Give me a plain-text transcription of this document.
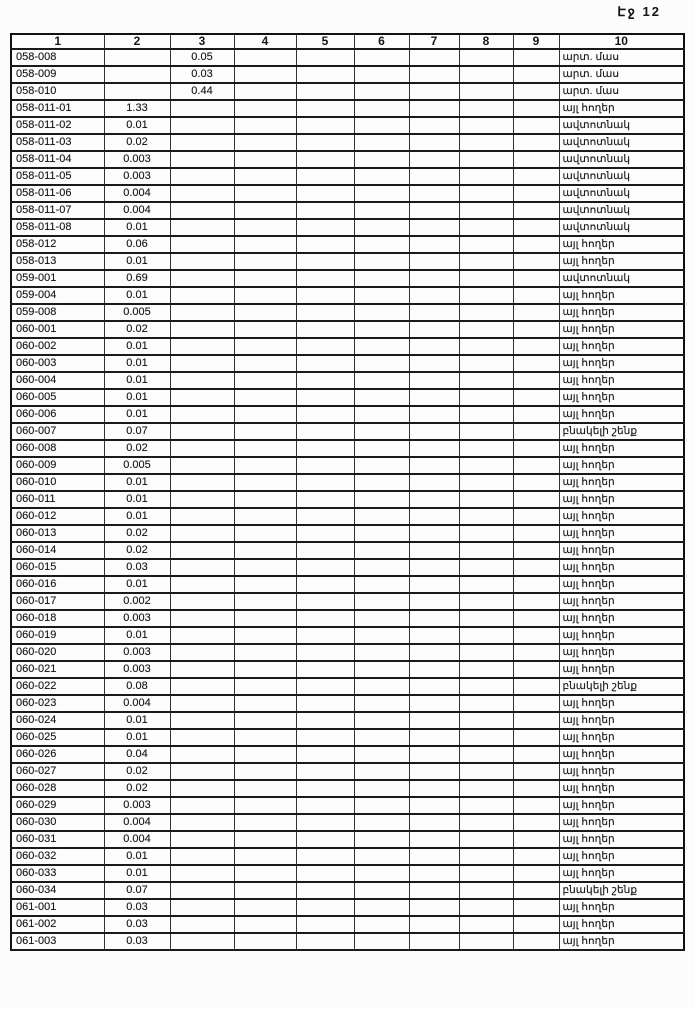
Էջ 12
1	2	3	4	5	6	7	8	9	10
058-008		0.05							արտ. մաս
058-009		0.03							արտ. մաս
058-010		0.44							արտ. մաս
058-011-01	1.33								այլ հողեր
058-011-02	0.01								ավտոտնակ
058-011-03	0.02								ավտոտնակ
058-011-04	0.003								ավտոտնակ
058-011-05	0.003								ավտոտնակ
058-011-06	0.004								ավտոտնակ
058-011-07	0.004								ավտոտնակ
058-011-08	0.01								ավտոտնակ
058-012	0.06								այլ հողեր
058-013	0.01								այլ հողեր
059-001	0.69								ավտոտնակ
059-004	0.01								այլ հողեր
059-008	0.005								այլ հողեր
060-001	0.02								այլ հողեր
060-002	0.01								այլ հողեր
060-003	0.01								այլ հողեր
060-004	0.01								այլ հողեր
060-005	0.01								այլ հողեր
060-006	0.01								այլ հողեր
060-007	0.07								բնակելի շենք
060-008	0.02								այլ հողեր
060-009	0.005								այլ հողեր
060-010	0.01								այլ հողեր
060-011	0.01								այլ հողեր
060-012	0.01								այլ հողեր
060-013	0.02								այլ հողեր
060-014	0.02								այլ հողեր
060-015	0.03								այլ հողեր
060-016	0.01								այլ հողեր
060-017	0.002								այլ հողեր
060-018	0.003								այլ հողեր
060-019	0.01								այլ հողեր
060-020	0.003								այլ հողեր
060-021	0.003								այլ հողեր
060-022	0.08								բնակելի շենք
060-023	0.004								այլ հողեր
060-024	0.01								այլ հողեր
060-025	0.01								այլ հողեր
060-026	0.04								այլ հողեր
060-027	0.02								այլ հողեր
060-028	0.02								այլ հողեր
060-029	0.003								այլ հողեր
060-030	0.004								այլ հողեր
060-031	0.004								այլ հողեր
060-032	0.01								այլ հողեր
060-033	0.01								այլ հողեր
060-034	0.07								բնակելի շենք
061-001	0.03								այլ հողեր
061-002	0.03								այլ հողեր
061-003	0.03								այլ հողեր
